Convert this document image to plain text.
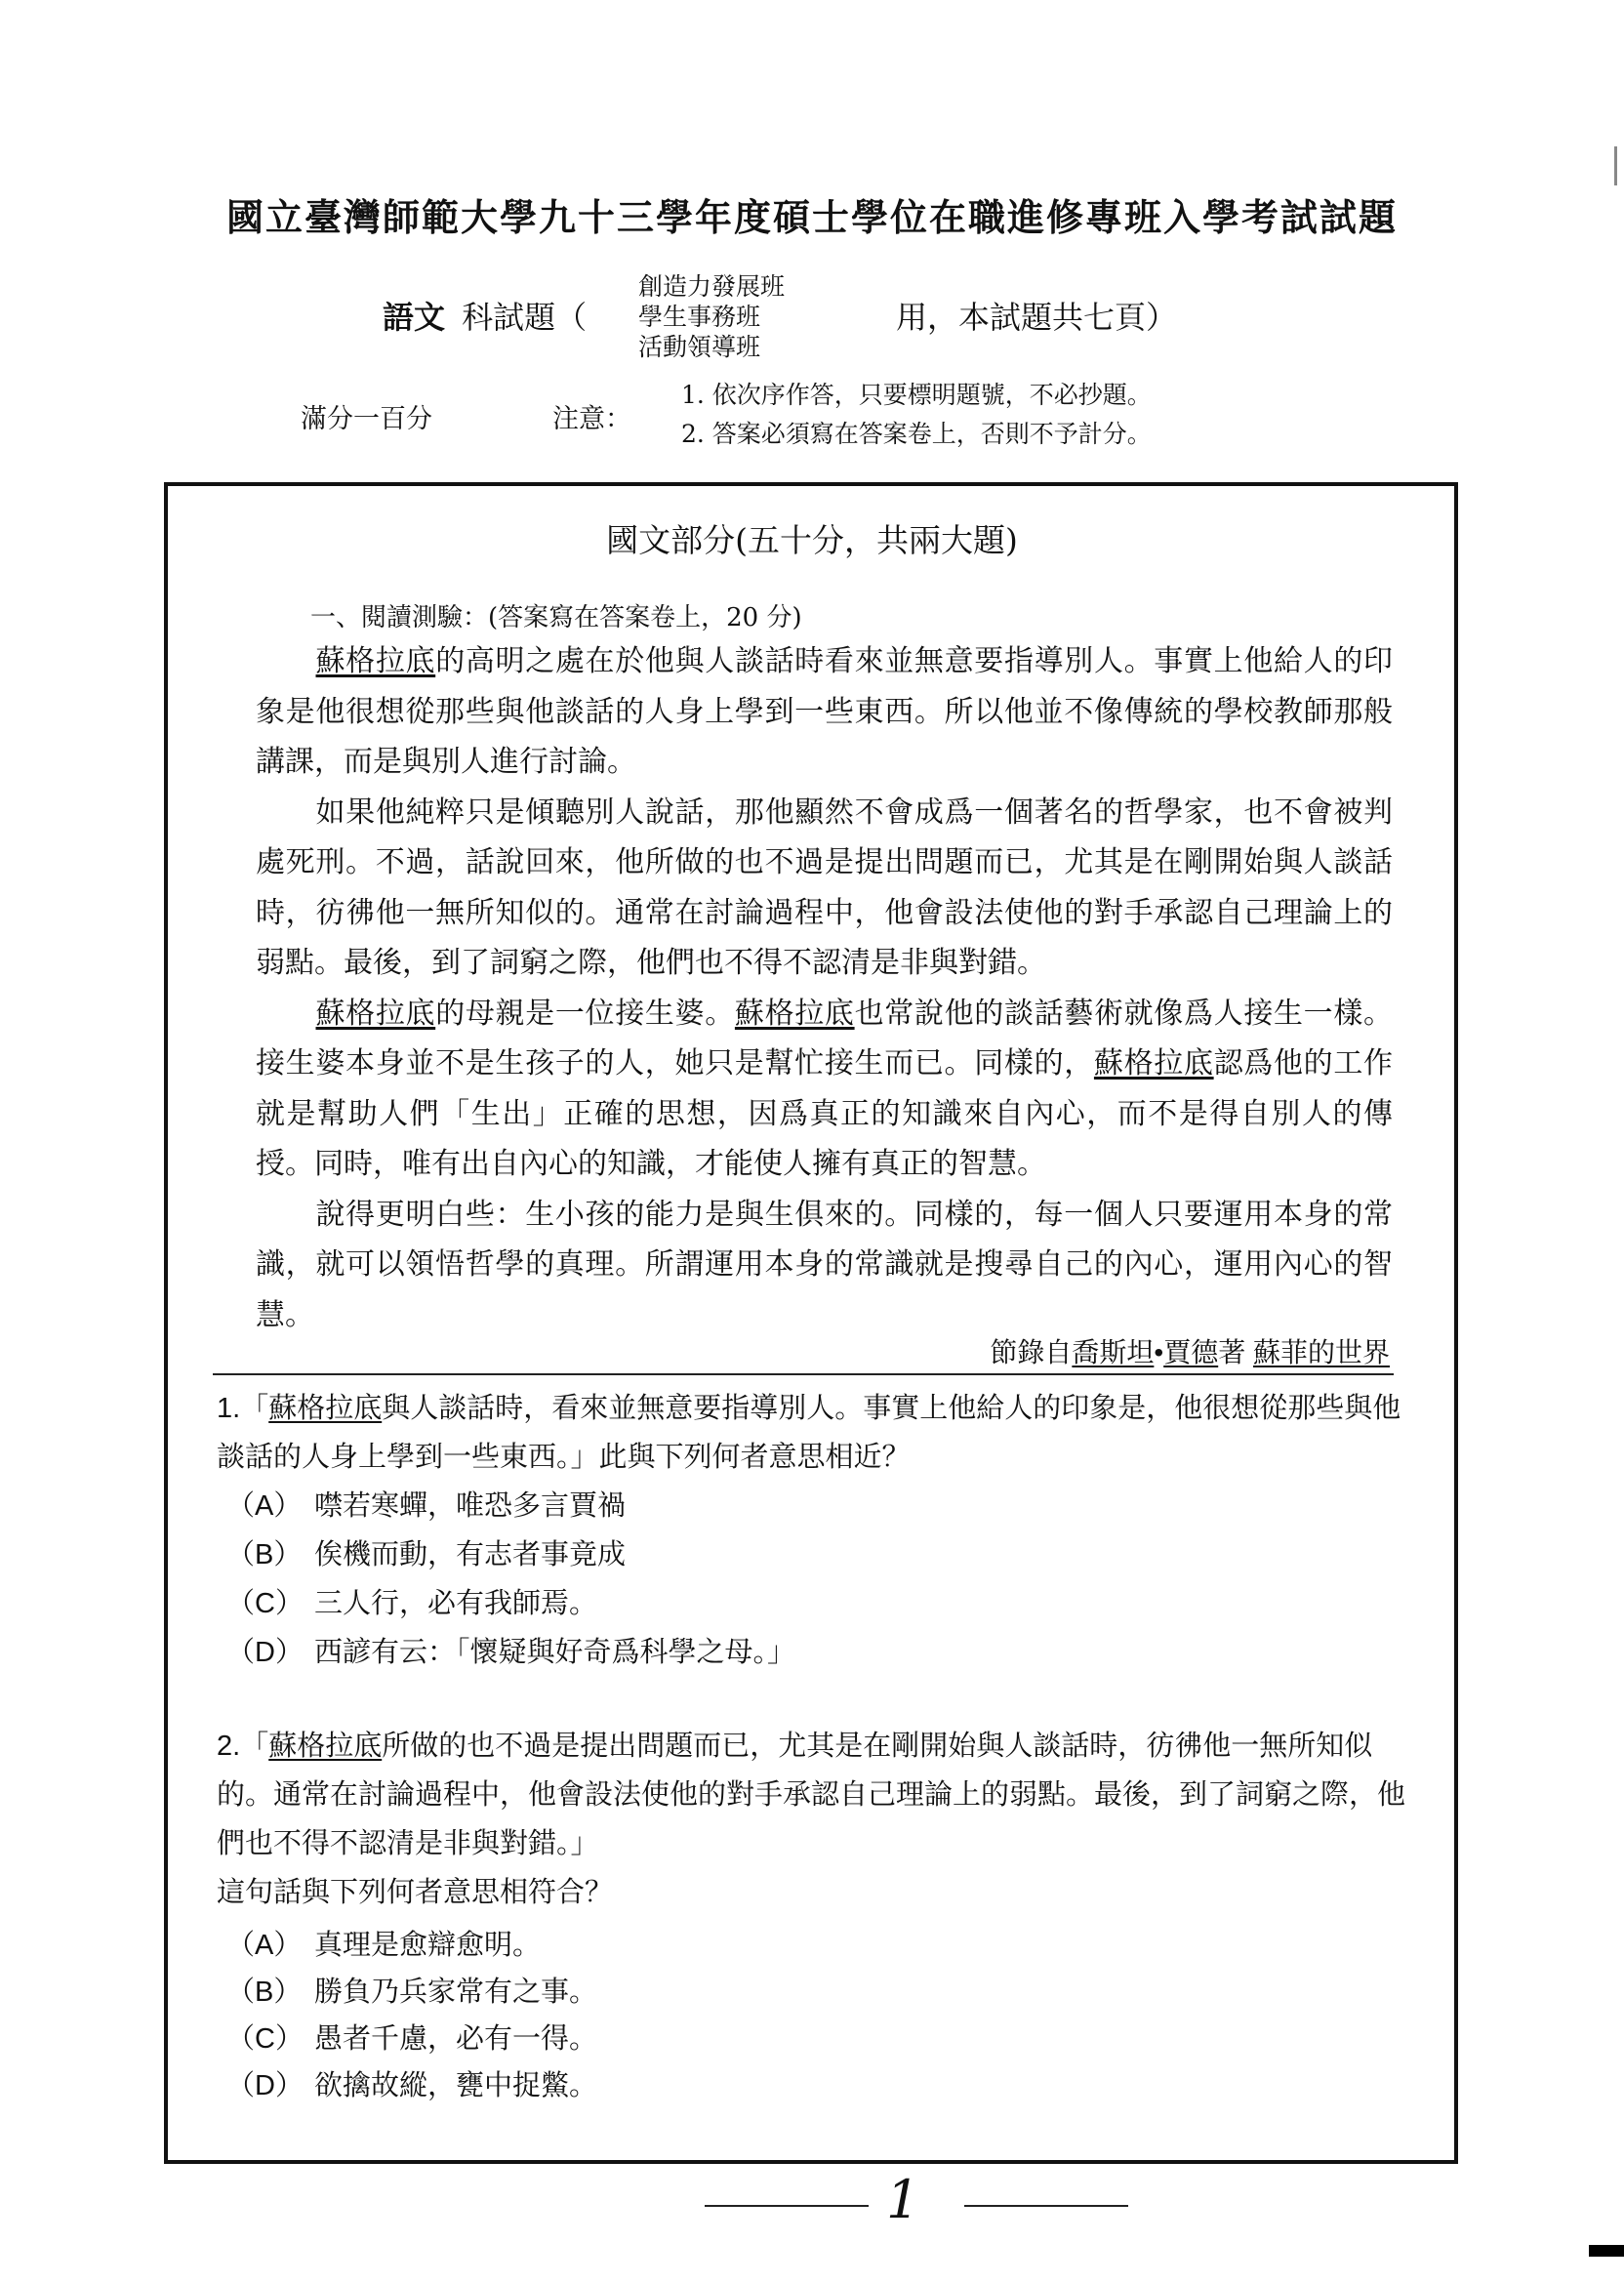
國立臺灣師範大學九十三學年度碩士學位在職進修專班入學考試試題
語文 科試題（
創造力發展班
學生事務班
活動領導班
用，本試題共七頁）
滿分一百分	注意：
1. 依次序作答，只要標明題號，不必抄題。
2. 答案必須寫在答案卷上，否則不予計分。
國文部分(五十分，共兩大題)
一、閱讀測驗：(答案寫在答案卷上，20 分)

蘇格拉底的高明之處在於他與人談話時看來並無意要指導別人。事實上他給人的印象是他很想從那些與他談話的人身上學到一些東西。所以他並不像傳統的學校教師那般講課，而是與別人進行討論。

如果他純粹只是傾聽別人說話，那他顯然不會成爲一個著名的哲學家，也不會被判處死刑。不過，話說回來，他所做的也不過是提出問題而已，尤其是在剛開始與人談話時，彷彿他一無所知似的。通常在討論過程中，他會設法使他的對手承認自己理論上的弱點。最後，到了詞窮之際，他們也不得不認清是非與對錯。

蘇格拉底的母親是一位接生婆。蘇格拉底也常說他的談話藝術就像爲人接生一樣。接生婆本身並不是生孩子的人，她只是幫忙接生而已。同樣的，蘇格拉底認爲他的工作就是幫助人們「生出」正確的思想，因爲真正的知識來自內心，而不是得自別人的傳授。同時，唯有出自內心的知識，才能使人擁有真正的智慧。

說得更明白些：生小孩的能力是與生俱來的。同樣的，每一個人只要運用本身的常識，就可以領悟哲學的真理。所謂運用本身的常識就是搜尋自己的內心，運用內心的智慧。

節錄自喬斯坦•賈德著 蘇菲的世界

1.「蘇格拉底與人談話時，看來並無意要指導別人。事實上他給人的印象是，他很想從那些與他談話的人身上學到一些東西。」此與下列何者意思相近？

（A） 噤若寒蟬，唯恐多言賈禍
（B） 俟機而動，有志者事竟成
（C） 三人行，必有我師焉。
（D） 西諺有云：「懷疑與好奇爲科學之母。」

2.「蘇格拉底所做的也不過是提出問題而已，尤其是在剛開始與人談話時，彷彿他一無所知似的。通常在討論過程中，他會設法使他的對手承認自己理論上的弱點。最後，到了詞窮之際，他們也不得不認清是非與對錯。」

這句話與下列何者意思相符合？

（A） 真理是愈辯愈明。
（B） 勝負乃兵家常有之事。
（C） 愚者千慮，必有一得。
（D） 欲擒故縱，甕中捉鱉。
1
